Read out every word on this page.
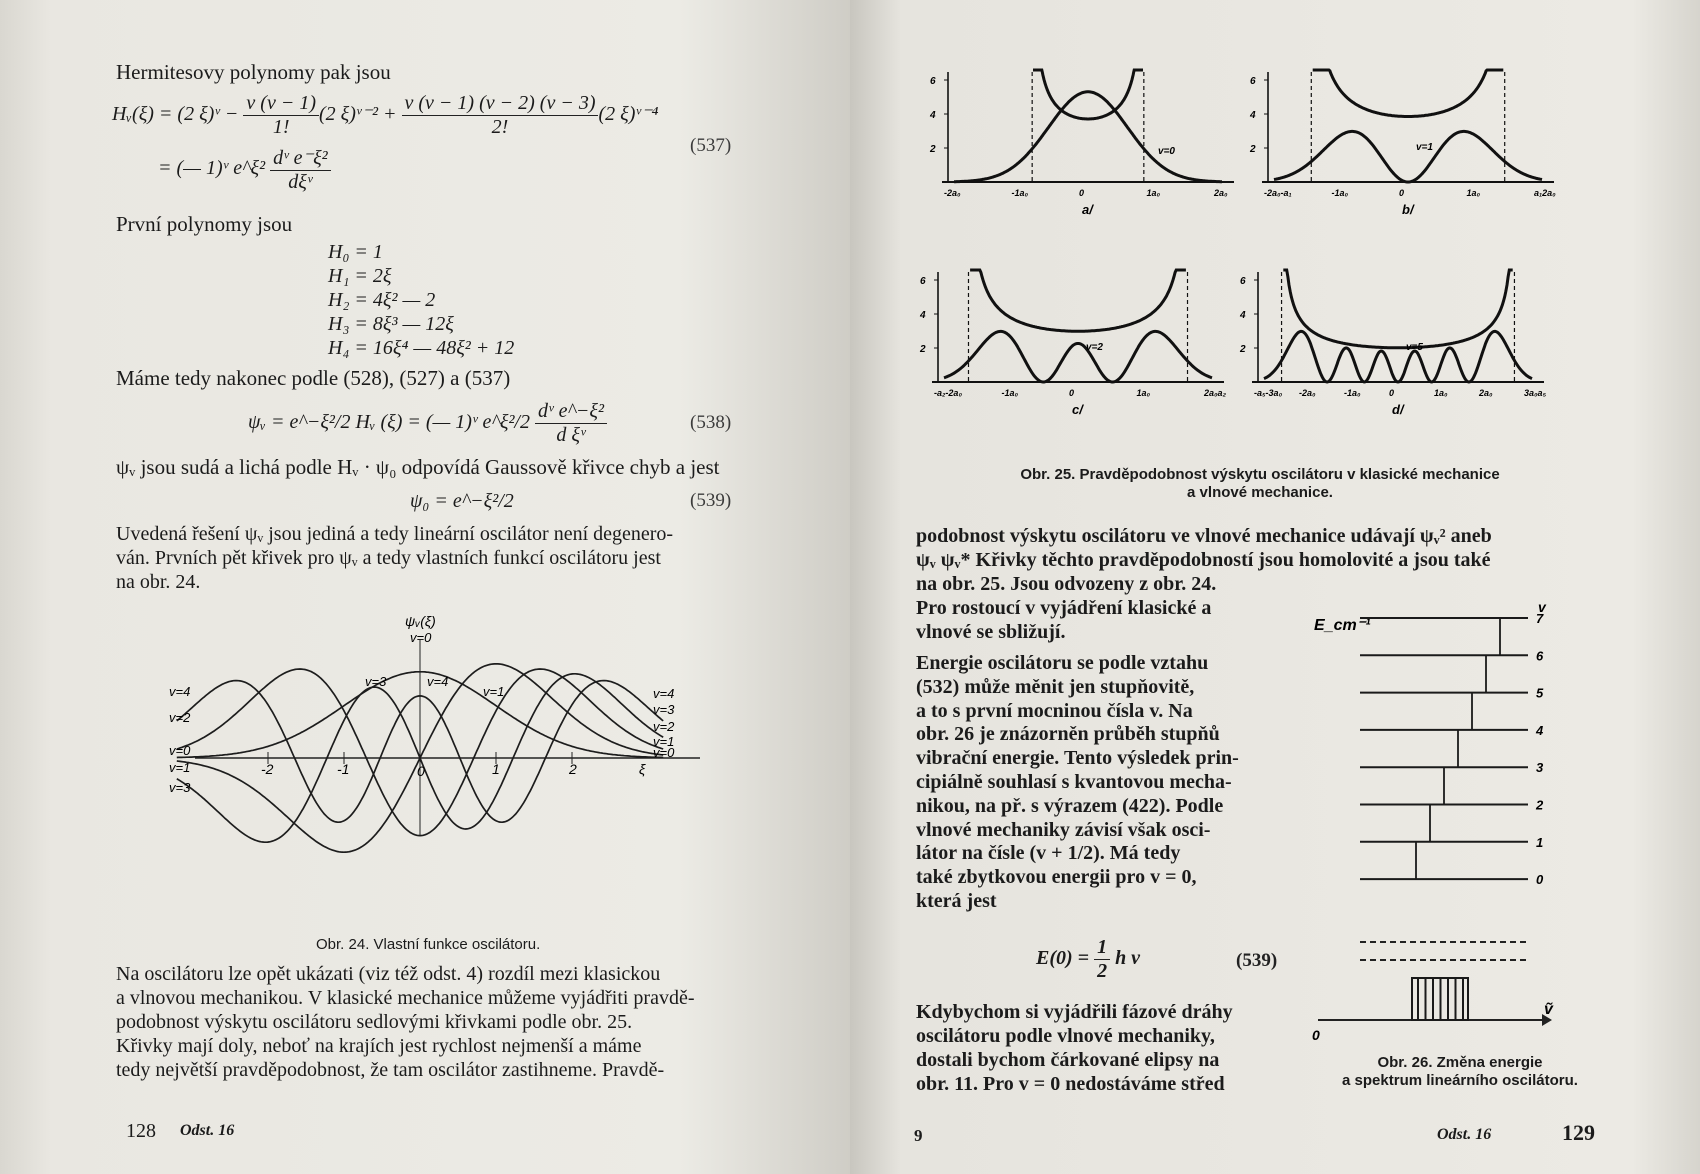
Hermitesovy polynomy pak jsou
Hᵥ(ξ) = (2 ξ)ᵛ − $\frac{v (v - 1)}{1!} (2$ ξ)ᵛ⁻² + $\frac{v (v - 1) (v - 2) (v - 3)}{2!} (2$ ξ)ᵛ⁻⁴
= (— 1)ᵛ e^ξ² $\frac{\text{dᵛ e⁻ξ²}}{\text{dξᵛ}}$	(537)
První polynomy jsou
H₀ = 1
H₁ = 2ξ
H₂ = 4ξ² — 2
H₃ = 8ξ³ — 12ξ
H₄ = 16ξ⁴ — 48ξ² + 12
Máme tedy nakonec podle (528), (527) a (537)
ψᵥ = e^−ξ²/2 Hᵥ (ξ) = (— 1)ᵛ e^ξ²/2 $\frac{\text{dᵛ e\textasciicircum{}−ξ²}}{\text{d ξᵛ}}$	(538)
ψᵥ jsou sudá a lichá podle Hᵥ · ψ₀ odpovídá Gaussově křivce chyb a jest
ψ₀ = e^−ξ²/2	(539)
Uvedená řešení ψᵥ jsou jediná a tedy lineární oscilátor není degenero-
ván. Prvních pět křivek pro ψᵥ a tedy vlastních funkcí oscilátoru jest
na obr. 24.
ψᵥ(ξ)
v=0
v=4
v=2
v=0
v=1
v=3
v=4
v=3
v=2
v=1
v=0
v=3	v=4
v=1
-2	-1	0	1	2	ξ
Obr. 24. Vlastní funkce oscilátoru.
Na oscilátoru lze opět ukázati (viz též odst. 4) rozdíl mezi klasickou
a vlnovou mechanikou. V klasické mechanice můžeme vyjádřiti pravdě-
podobnost výskytu oscilátoru sedlovými křivkami podle obr. 25.
Křivky mají doly, neboť na krajích jest rychlost nejmenší a máme
tedy největší pravděpodobnost, že tam oscilátor zastihneme. Pravdě-
128 Odst. 16
6
4
2
-2a₀	-1a₀	0	1a₀	2a₀
v=0
a/
6
4
2
-2a₀-a₁	-1a₀	0	1a₀	a₁2a₀
v=1
b/
6
4
2
-a₂-2a₀	-1a₀	0	1a₀	2a₀a₂
v=2
c/
6
4
2
-a₅-3a₀ -2a₀	-1a₀	0	1a₀	2a₀	3a₀a₅
v=5
d/
Obr. 25. Pravděpodobnost výskytu oscilátoru v klasické mechanice
a vlnové mechanice.
podobnost výskytu oscilátoru ve vlnové mechanice udávají ψᵥ² aneb
ψᵥ ψᵥ* Křivky těchto pravděpodobností jsou homolovité a jsou také
na obr. 25. Jsou odvozeny z obr. 24.
Pro rostoucí v vyjádření klasické a
vlnové se sbližují.
Energie oscilátoru se podle vztahu
(532) může měnit jen stupňovitě,
a to s první mocninou čísla v. Na
obr. 26 je znázorněn průběh stupňů
vibrační energie. Tento výsledek prin-
cipiálně souhlasí s kvantovou mecha-
nikou, na př. s výrazem (422). Podle
vlnové mechaniky závisí však osci-
látor na čísle (v + 1/2). Má tedy
také zbytkovou energii pro v = 0,
která jest
$E(0) = \frac{1}{2}$ h ν	(539)
Kdybychom si vyjádřili fázové dráhy
oscilátoru podle vlnové mechaniky,
dostali bychom čárkované elipsy na
obr. 11. Pro v = 0 nedostáváme střed
E_cm⁻¹
v
7
6
5
4
3
2
1
0
0
ṽ
Obr. 26. Změna energie
a spektrum lineárního oscilátoru.
9	Odst. 16	129
